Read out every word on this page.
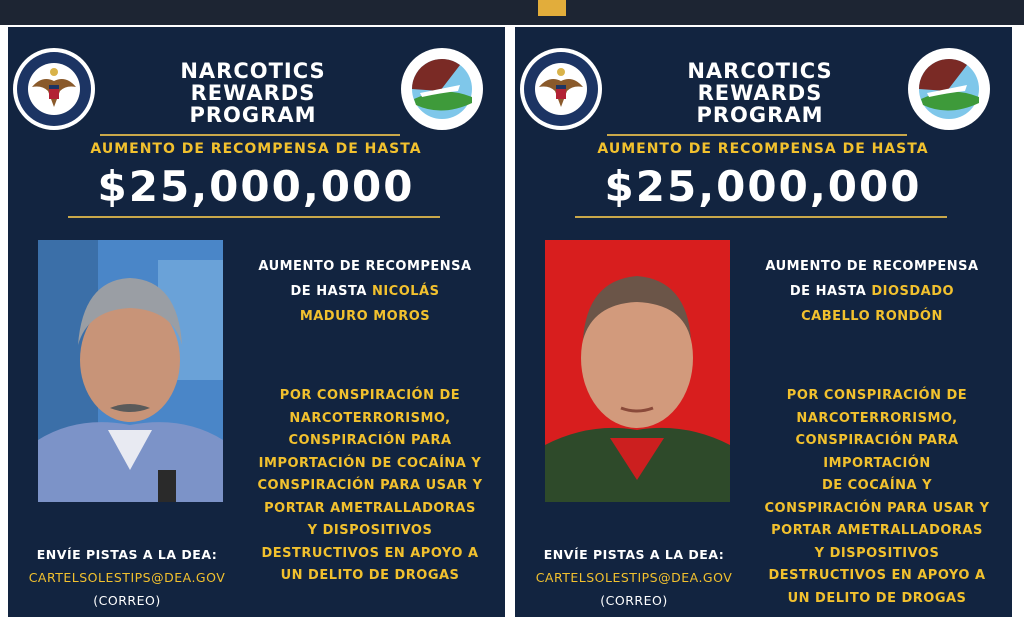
NARCOTICS
REWARDS
PROGRAM
AUMENTO DE RECOMPENSA DE HASTA
$25,000,000
AUMENTO DE RECOMPENSA
DE HASTA NICOLÁS
MADURO MOROS
POR CONSPIRACIÓN DE
NARCOTERRORISMO,
CONSPIRACIÓN PARA
IMPORTACIÓN DE COCAÍNA Y
CONSPIRACIÓN PARA USAR Y
PORTAR AMETRALLADORAS
Y DISPOSITIVOS
DESTRUCTIVOS EN APOYO A
UN DELITO DE DROGAS
ENVÍE PISTAS A LA DEA:
CARTELSOLESTIPS@DEA.GOV
(CORREO)
NARCOTICS
REWARDS
PROGRAM
AUMENTO DE RECOMPENSA DE HASTA
$25,000,000
AUMENTO DE RECOMPENSA
DE HASTA DIOSDADO
CABELLO RONDÓN
POR CONSPIRACIÓN DE
NARCOTERRORISMO,
CONSPIRACIÓN PARA
IMPORTACIÓN
DE COCAÍNA Y
CONSPIRACIÓN PARA USAR Y
PORTAR AMETRALLADORAS
Y DISPOSITIVOS
DESTRUCTIVOS EN APOYO A
UN DELITO DE DROGAS
ENVÍE PISTAS A LA DEA:
CARTELSOLESTIPS@DEA.GOV
(CORREO)
